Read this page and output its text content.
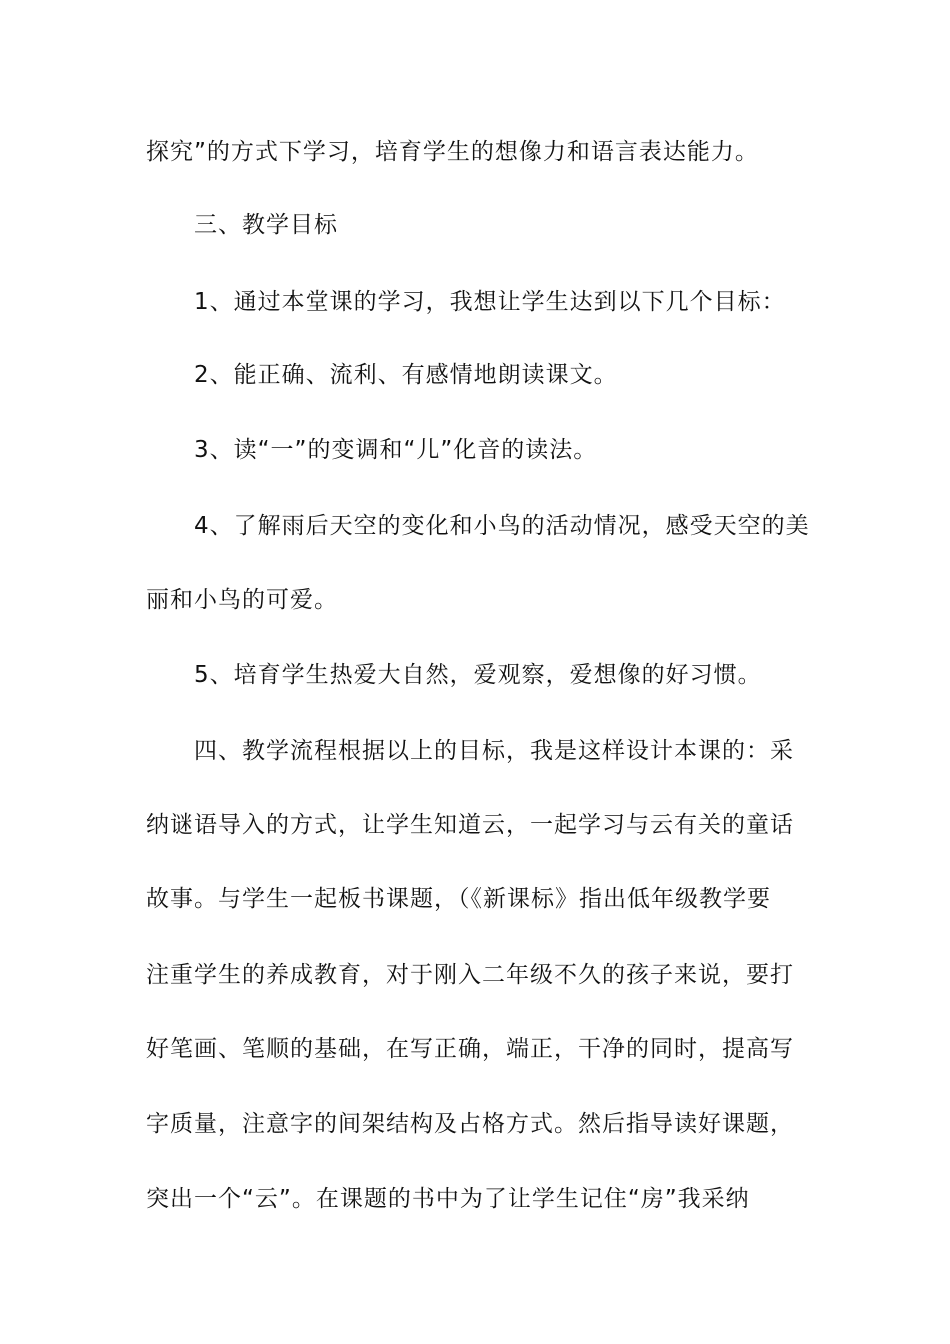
探究”的方式下学习，培育学生的想像力和语言表达能力。
三、教学目标
1、通过本堂课的学习，我想让学生达到以下几个目标：
2、能正确、流利、有感情地朗读课文。
3、读“一”的变调和“儿”化音的读法。
4、了解雨后天空的变化和小鸟的活动情况，感受天空的美
丽和小鸟的可爱。
5、培育学生热爱大自然，爱观察，爱想像的好习惯。
四、教学流程根据以上的目标，我是这样设计本课的：采
纳谜语导入的方式，让学生知道云，一起学习与云有关的童话
故事。与学生一起板书课题，（《新课标》指出低年级教学要
注重学生的养成教育，对于刚入二年级不久的孩子来说，要打
好笔画、笔顺的基础，在写正确，端正，干净的同时，提高写
字质量，注意字的间架结构及占格方式。然后指导读好课题，
突出一个“云”。在课题的书中为了让学生记住“房”我采纳
